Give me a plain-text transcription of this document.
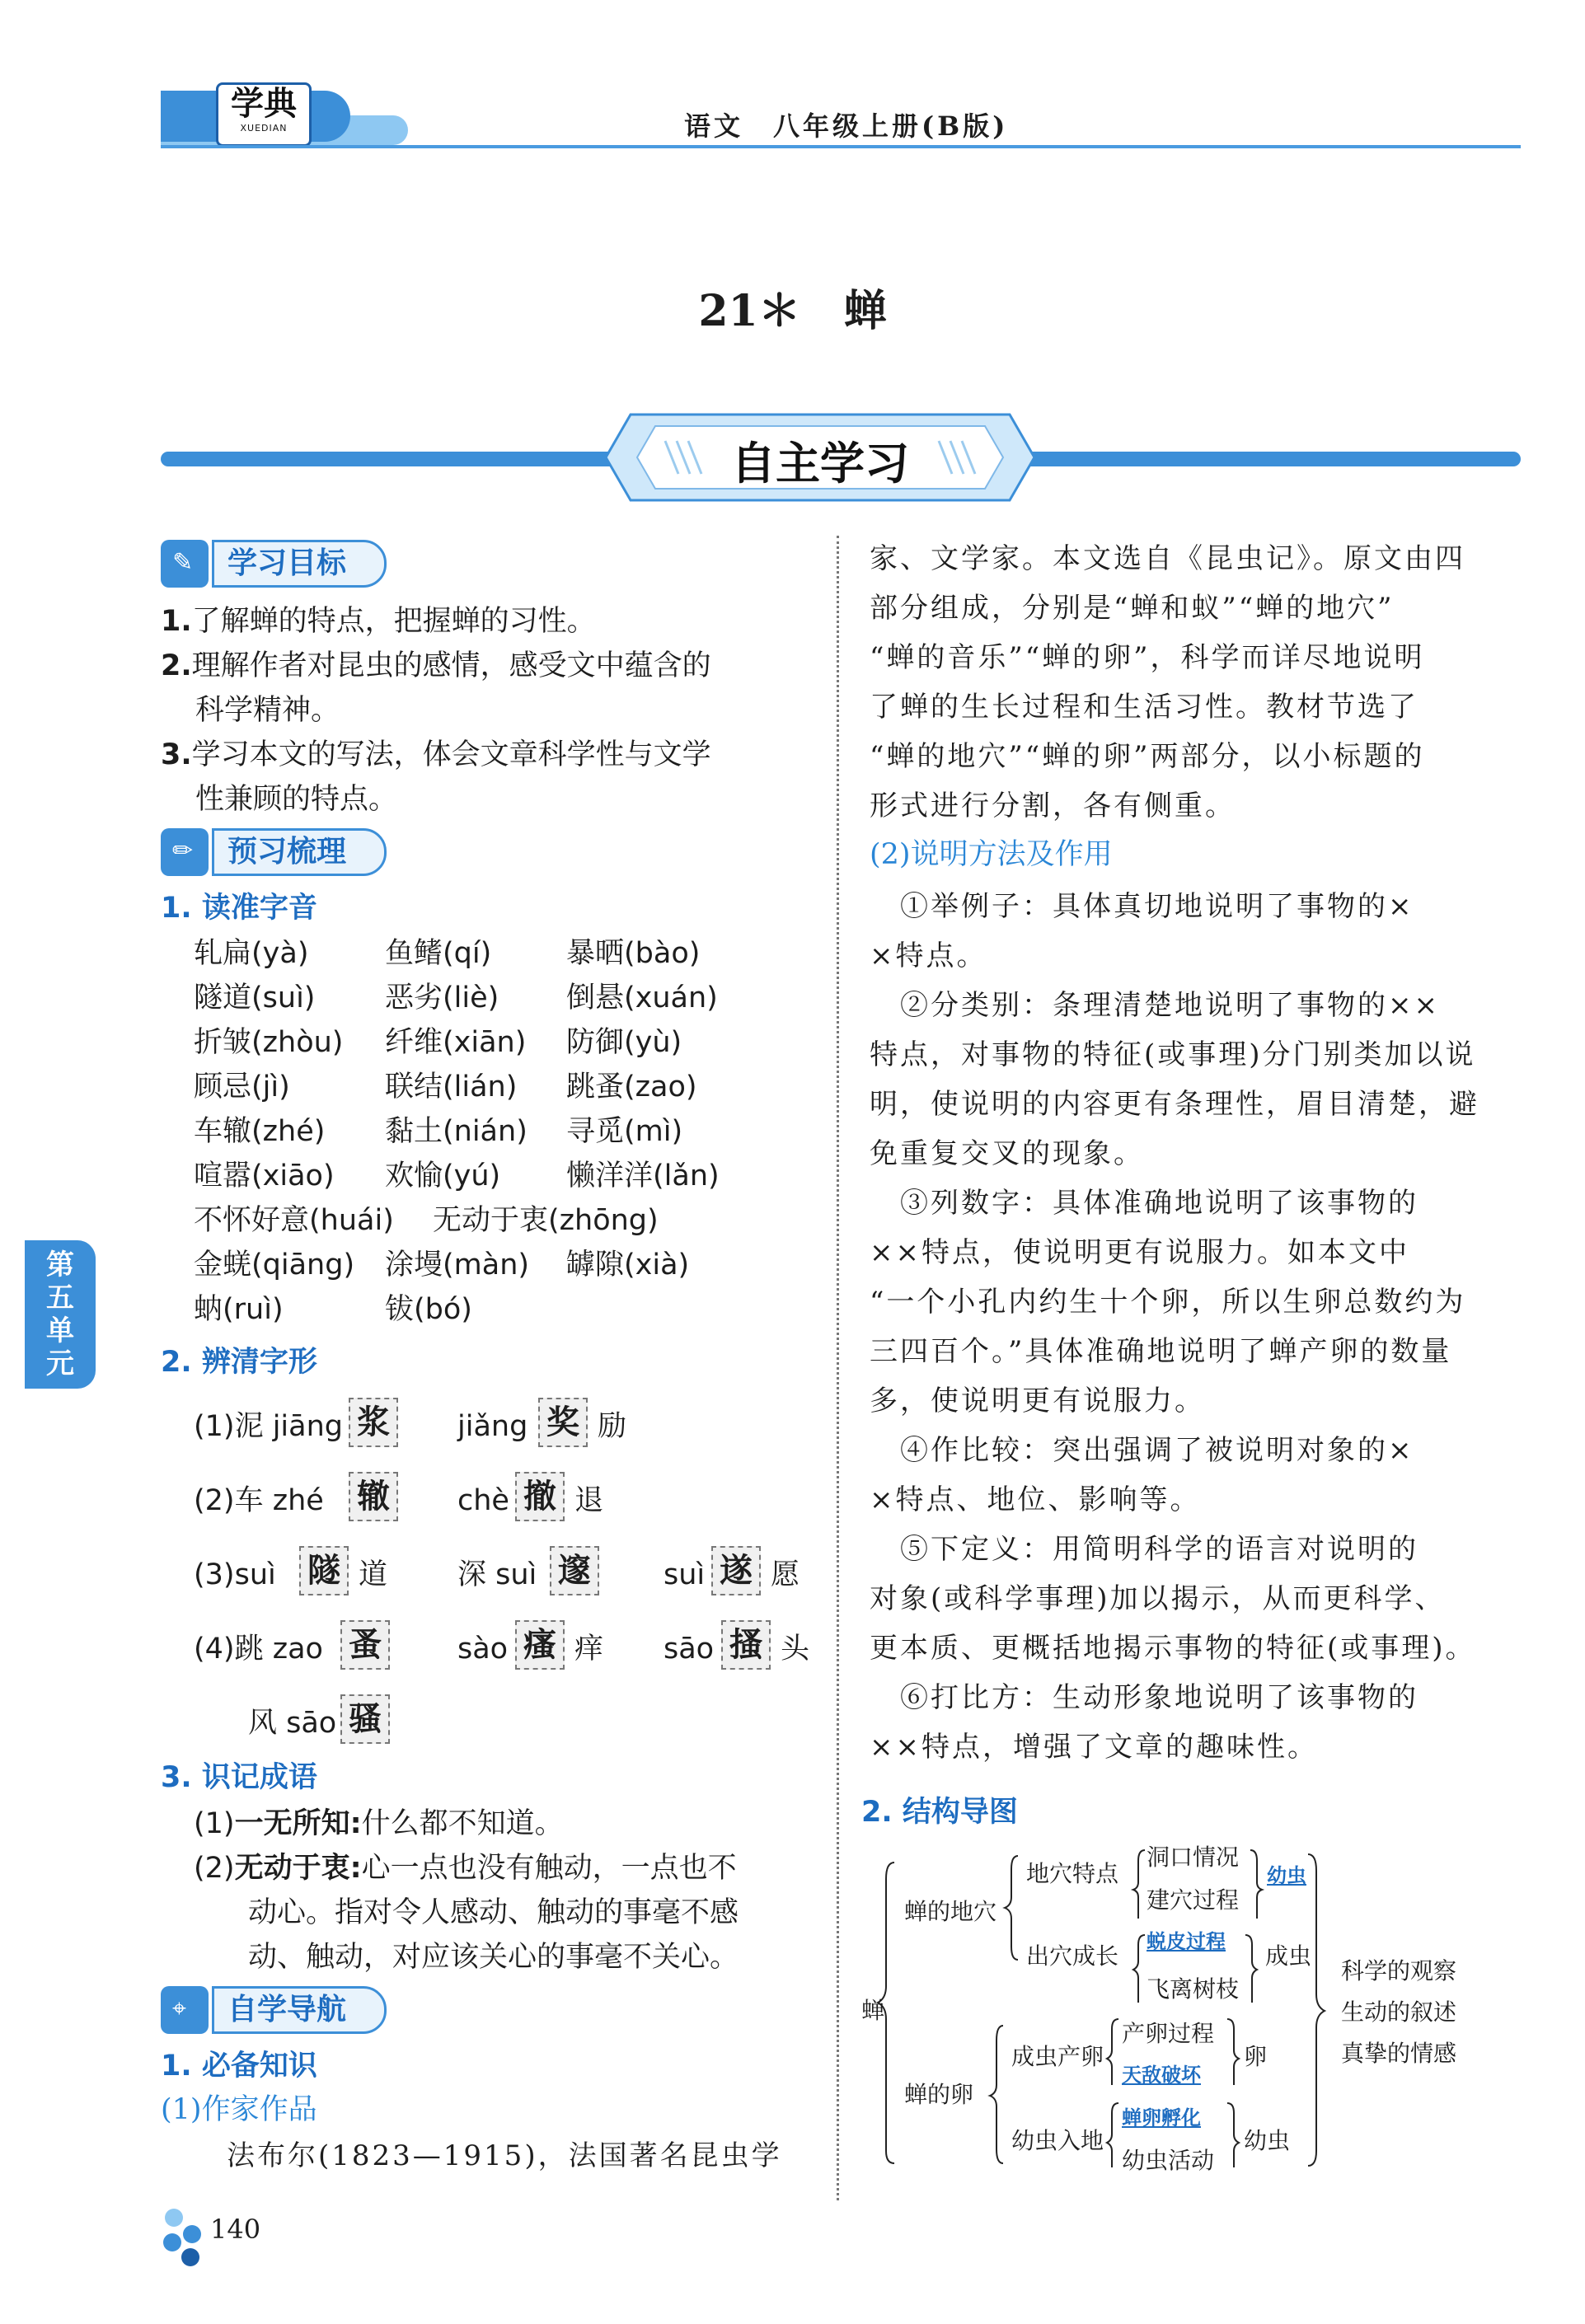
学典
XUEDIAN	语文　八年级上册(B版)
21＊　蝉
自主学习
✎	学习目标
1.了解蝉的特点，把握蝉的习性。
2.理解作者对昆虫的感情，感受文中蕴含的
科学精神。
3.学习本文的写法，体会文章科学性与文学
性兼顾的特点。
✏	预习梳理
1. 读准字音
轧扁(yà)	鱼鳍(qí)	暴晒(bào)
隧道(suì) 恶劣(liè) 倒悬(xuán)
折皱(zhòu) 纤维(xiān) 防御(yù)
顾忌(jì)	联结(lián) 跳蚤(zao)
车辙(zhé) 黏土(nián) 寻觅(mì)
喧嚣(xiāo) 欢愉(yú) 懒洋洋(lǎn)
不怀好意(huái) 无动于衷(zhōng)
金蜣(qiāng) 涂墁(màn) 罅隙(xià)
蚋(ruì)	钹(bó)
2. 辨清字形
(1)泥 jiāng 浆 jiǎng 奖 励
(2)车 zhé 辙 chè 撤 退
(3)suì 隧 道 深 suì 邃	suì 遂 愿
(4)跳 zao 蚤	sào 瘙 痒 sāo 搔 头
风 sāo 骚
3. 识记成语
(1)一无所知:什么都不知道。
(2)无动于衷:心一点也没有触动，一点也不
动心。指对令人感动、触动的事毫不感
动、触动，对应该关心的事毫不关心。
⌖	自学导航
1. 必备知识
(1)作家作品
法布尔(1823—1915)，法国著名昆虫学
家、文学家。本文选自《昆虫记》。原文由四
部分组成，分别是“蝉和蚁”“蝉的地穴”
“蝉的音乐”“蝉的卵”，科学而详尽地说明
了蝉的生长过程和生活习性。教材节选了
“蝉的地穴”“蝉的卵”两部分，以小标题的
形式进行分割，各有侧重。
(2)说明方法及作用
　①举例子：具体真切地说明了事物的×
×特点。
　②分类别：条理清楚地说明了事物的××
特点，对事物的特征(或事理)分门别类加以说
明，使说明的内容更有条理性，眉目清楚，避
免重复交叉的现象。
　③列数字：具体准确地说明了该事物的
××特点，使说明更有说服力。如本文中
“一个小孔内约生十个卵，所以生卵总数约为
三四百个。”具体准确地说明了蝉产卵的数量
多，使说明更有说服力。
　④作比较：突出强调了被说明对象的×
×特点、地位、影响等。
　⑤下定义：用简明科学的语言对说明的
对象(或科学事理)加以揭示，从而更科学、
更本质、更概括地揭示事物的特征(或事理)。
　⑥打比方：生动形象地说明了该事物的
××特点，增强了文章的趣味性。
2. 结构导图
蝉
蝉的地穴
地穴特点
洞口情况
建穴过程
幼虫
出穴成长
蜕皮过程
飞离树枝
成虫
蝉的卵
成虫产卵
产卵过程
天敌破坏
卵
幼虫入地
蝉卵孵化
幼虫活动
幼虫
科学的观察
生动的叙述
真挚的情感
第五单元
140
